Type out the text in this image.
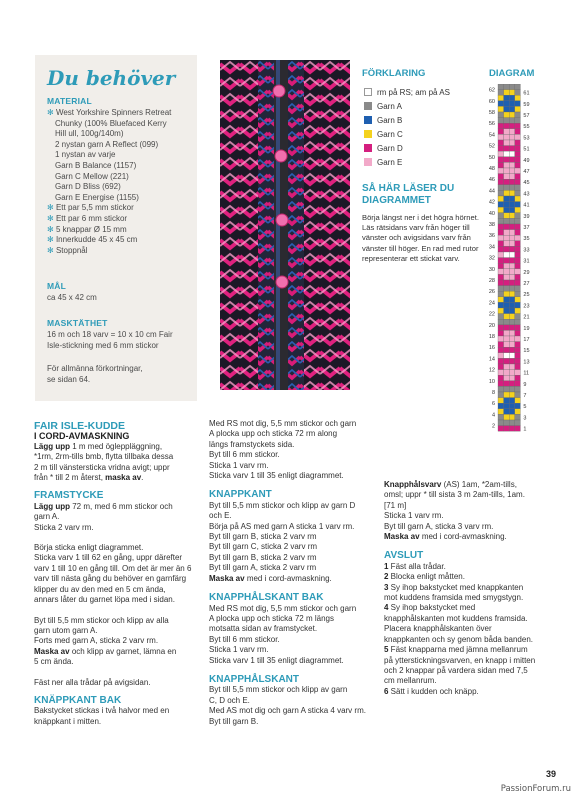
Du behöver
MATERIAL
✻ West Yorkshire Spinners Retreat
Chunky (100% Bluefaced Kerry
Hill ull, 100g/140m)
2 nystan garn A Reflect (099)
1 nystan av varje
Garn B Balance (1157)
Garn C Mellow (221)
Garn D Bliss (692)
Garn E Energise (1155)
✻ Ett par 5,5 mm stickor
✻ Ett par 6 mm stickor
✻ 5 knappar Ø 15 mm
✻ Innerkudde 45 x 45 cm
✻ Stoppnål
MÅL
ca 45 x 42 cm
MASKTÄTHET
16 m och 18 varv = 10 x 10 cm Fair
Isle-stickning med 6 mm stickor
För allmänna förkortningar,
se sidan 64.
FÖRKLARING
rm på RS; am på AS
Garn A
Garn B
Garn C
Garn D
Garn E
SÅ HÄR LÄSER DU DIAGRAMMET
Börja längst ner i det högra hörnet. Läs rätsidans varv från höger till vänster och avigsidans varv från vänster till höger. En rad med rutor representerar ett stickat varv.
DIAGRAM
62
60
58
56
54
52
50
48
46
44
42
40
38
36
34
32
30
28
26
24
22
20
18
16
14
12
10
8
6
4
2
61
59
57
55
53
51
49
47
45
43
41
39
37
35
33
31
29
27
25
23
21
19
17
15
13
11
9
7
5
3
1
FAIR ISLE-KUDDE
I CORD-AVMASKNING

Lägg upp 1 m med ögleppläggning,
*1rm, 2rm-tills bmb, flytta tillbaka dessa
2 m till vänstersticka vridna avigt; uppr
från * till 2 m återst, maska av.

FRAMSTYCKE

Lägg upp 72 m, med 6 mm stickor och
garn A.
Sticka 2 varv rm.

Börja sticka enligt diagrammet.
Sticka varv 1 till 62 en gång, uppr därefter
varv 1 till 10 en gång till. Om det är mer än 6
varv till nästa gång du behöver en garnfärg
klipper du av den med en 5 cm ända,
annars låter du garnet löpa med i sidan.

Byt till 5,5 mm stickor och klipp av alla
garn utom garn A.
Forts med garn A, sticka 2 varv rm.
Maska av och klipp av garnet, lämna en
5 cm ända.

Fäst ner alla trådar på avigsidan.

KNÄPPKANT BAK

Bakstycket stickas i två halvor med en
knäppkant i mitten.

Med RS mot dig, 5,5 mm stickor och garn
A plocka upp och sticka 72 rm along
längs framstyckets sida.
Byt till 6 mm stickor.
Sticka 1 varv rm.
Sticka varv 1 till 35 enligt diagrammet.

KNAPPKANT

Byt till 5,5 mm stickor och klipp av garn D
och E.
Börja på AS med garn A sticka 1 varv rm.
Byt till garn B, sticka 2 varv rm
Byt till garn C, sticka 2 varv rm
Byt till garn B, sticka 2 varv rm
Byt till garn A, sticka 2 varv rm
Maska av med i cord-avmaskning.

KNAPPHÅLSKANT BAK

Med RS mot dig, 5,5 mm stickor och garn
A plocka upp och sticka 72 m längs
motsatta sidan av framstycket.
Byt till 6 mm stickor.
Sticka 1 varv rm.
Sticka varv 1 till 35 enligt diagrammet.

KNAPPHÅLSKANT

Byt till 5,5 mm stickor och klipp av garn
C, D och E.
Med AS mot dig och garn A sticka 4 varv rm.
Byt till garn B.

Knapphålsvarv (AS) 1am, *2am-tills,
omsl; uppr * till sista 3 m 2am-tills, 1am.
[71 m]
Sticka 1 varv rm.
Byt till garn A, sticka 3 varv rm.
Maska av med i cord-avmaskning.

AVSLUT

1 Fäst alla trådar.

2 Blocka enligt måtten.

3 Sy ihop bakstycket med knappkanten
mot kuddens framsida med smygstygn.

4 Sy ihop bakstycket med
knapphålskanten mot kuddens framsida.
Placera knapphålskanten över
knappkanten och sy genom båda banden.

5 Fäst knapparna med jämna mellanrum
på ytterstickningsvarven, en knapp i mitten
och 2 knappar på vardera sidan med 7,5
cm mellanrum.

6 Sätt i kudden och knäpp.

39
PassionForum.ru
